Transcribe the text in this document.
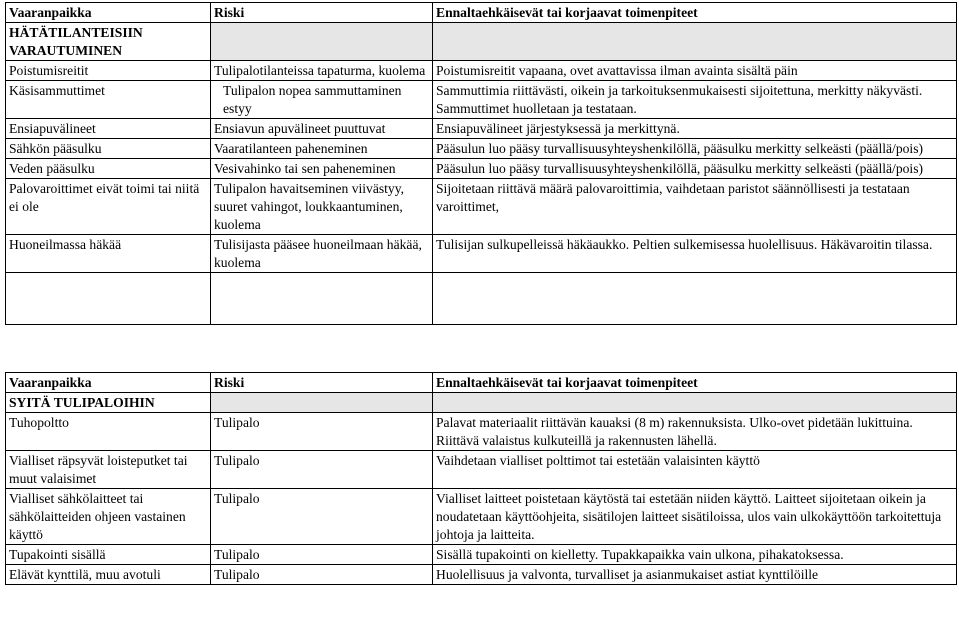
Vaaranpaikka	Riski	Ennaltaehkäisevät tai korjaavat toimenpiteet
HÄTÄTILANTEISIIN VARAUTUMINEN		
Poistumisreitit	Tulipalotilanteissa tapaturma, kuolema	Poistumisreitit vapaana, ovet avattavissa ilman avainta sisältä päin
Käsisammuttimet	Tulipalon nopea sammuttaminen estyy	Sammuttimia riittävästi, oikein ja tarkoituksenmukaisesti sijoitettuna, merkitty näkyvästi. Sammuttimet huolletaan ja testataan.
Ensiapuvälineet	Ensiavun apuvälineet puuttuvat	Ensiapuvälineet järjestyksessä ja merkittynä.
Sähkön pääsulku	Vaaratilanteen paheneminen	Pääsulun luo pääsy turvallisuusyhteyshenkilöllä, pääsulku merkitty selkeästi (päällä/pois)
Veden pääsulku	Vesivahinko tai sen paheneminen	Pääsulun luo pääsy turvallisuusyhteyshenkilöllä, pääsulku merkitty selkeästi (päällä/pois)
Palovaroittimet eivät toimi tai niitä ei ole	Tulipalon havaitseminen viivästyy, suuret vahingot, loukkaantuminen, kuolema	Sijoitetaan riittävä määrä palovaroittimia, vaihdetaan paristot säännöllisesti ja testataan varoittimet,
Huoneilmassa häkää	Tulisijasta pääsee huoneilmaan häkää, kuolema	Tulisijan sulkupelleissä häkäaukko. Peltien sulkemisessa huolellisuus. Häkävaroitin tilassa.

Vaaranpaikka	Riski	Ennaltaehkäisevät tai korjaavat toimenpiteet
SYITÄ TULIPALOIHIN		
Tuhopoltto	Tulipalo	Palavat materiaalit riittävän kauaksi (8 m) rakennuksista. Ulko-ovet pidetään lukittuina. Riittävä valaistus kulkuteillä ja rakennusten lähellä.
Vialliset räpsyvät loisteputket tai muut valaisimet	Tulipalo	Vaihdetaan vialliset polttimot tai estetään valaisinten käyttö
Vialliset sähkölaitteet tai sähkölaitteiden ohjeen vastainen käyttö	Tulipalo	Vialliset laitteet poistetaan käytöstä tai estetään niiden käyttö. Laitteet sijoitetaan oikein ja noudatetaan käyttöohjeita, sisätilojen laitteet sisätiloissa, ulos vain ulkokäyttöön tarkoitettuja johtoja ja laitteita.
Tupakointi sisällä	Tulipalo	Sisällä tupakointi on kielletty. Tupakkapaikka vain ulkona, pihakatoksessa.
Elävät kynttilä, muu avotuli	Tulipalo	Huolellisuus ja valvonta, turvalliset ja asianmukaiset astiat kynttilöille
